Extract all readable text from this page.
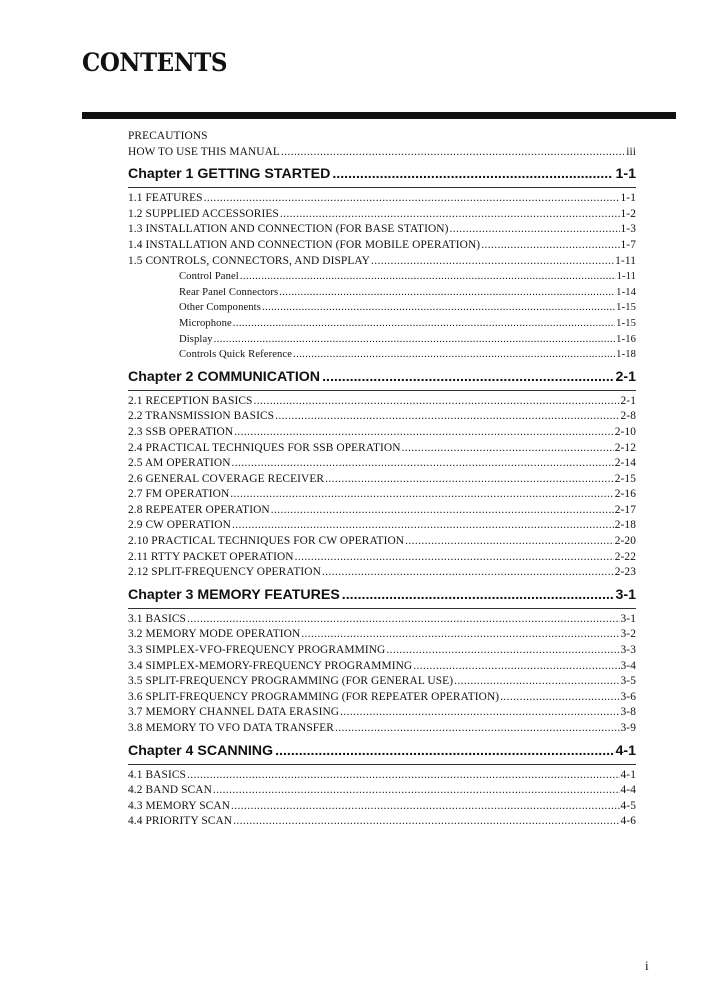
CONTENTS
PRECAUTIONS
HOW TO USE THIS MANUAL .....	iii
Chapter 1 GETTING STARTED .....	1-1
1.1 FEATURES .....	1-1
1.2 SUPPLIED ACCESSORIES .....	1-2
1.3 INSTALLATION AND CONNECTION (FOR BASE STATION) .....	1-3
1.4 INSTALLATION AND CONNECTION (FOR MOBILE OPERATION) .....	1-7
1.5 CONTROLS, CONNECTORS, AND DISPLAY .....	1-11
Control Panel .....	1-11
Rear Panel Connectors .....	1-14
Other Components .....	1-15
Microphone .....	1-15
Display .....	1-16
Controls Quick Reference .....	1-18
Chapter 2 COMMUNICATION .....	2-1
2.1 RECEPTION BASICS .....	2-1
2.2 TRANSMISSION BASICS .....	2-8
2.3 SSB OPERATION .....	2-10
2.4 PRACTICAL TECHNIQUES FOR SSB OPERATION .....	2-12
2.5 AM OPERATION .....	2-14
2.6 GENERAL COVERAGE RECEIVER .....	2-15
2.7 FM OPERATION .....	2-16
2.8 REPEATER OPERATION .....	2-17
2.9 CW OPERATION .....	2-18
2.10 PRACTICAL TECHNIQUES FOR CW OPERATION .....	2-20
2.11 RTTY PACKET OPERATION .....	2-22
2.12 SPLIT-FREQUENCY OPERATION .....	2-23
Chapter 3 MEMORY FEATURES .....	3-1
3.1 BASICS .....	3-1
3.2 MEMORY MODE OPERATION .....	3-2
3.3 SIMPLEX-VFO-FREQUENCY PROGRAMMING .....	3-3
3.4 SIMPLEX-MEMORY-FREQUENCY PROGRAMMING .....	3-4
3.5 SPLIT-FREQUENCY PROGRAMMING (FOR GENERAL USE) .....	3-5
3.6 SPLIT-FREQUENCY PROGRAMMING (FOR REPEATER OPERATION) .....	3-6
3.7 MEMORY CHANNEL DATA ERASING .....	3-8
3.8 MEMORY TO VFO DATA TRANSFER .....	3-9
Chapter 4 SCANNING .....	4-1
4.1 BASICS .....	4-1
4.2 BAND SCAN .....	4-4
4.3 MEMORY SCAN .....	4-5
4.4 PRIORITY SCAN .....	4-6
i
